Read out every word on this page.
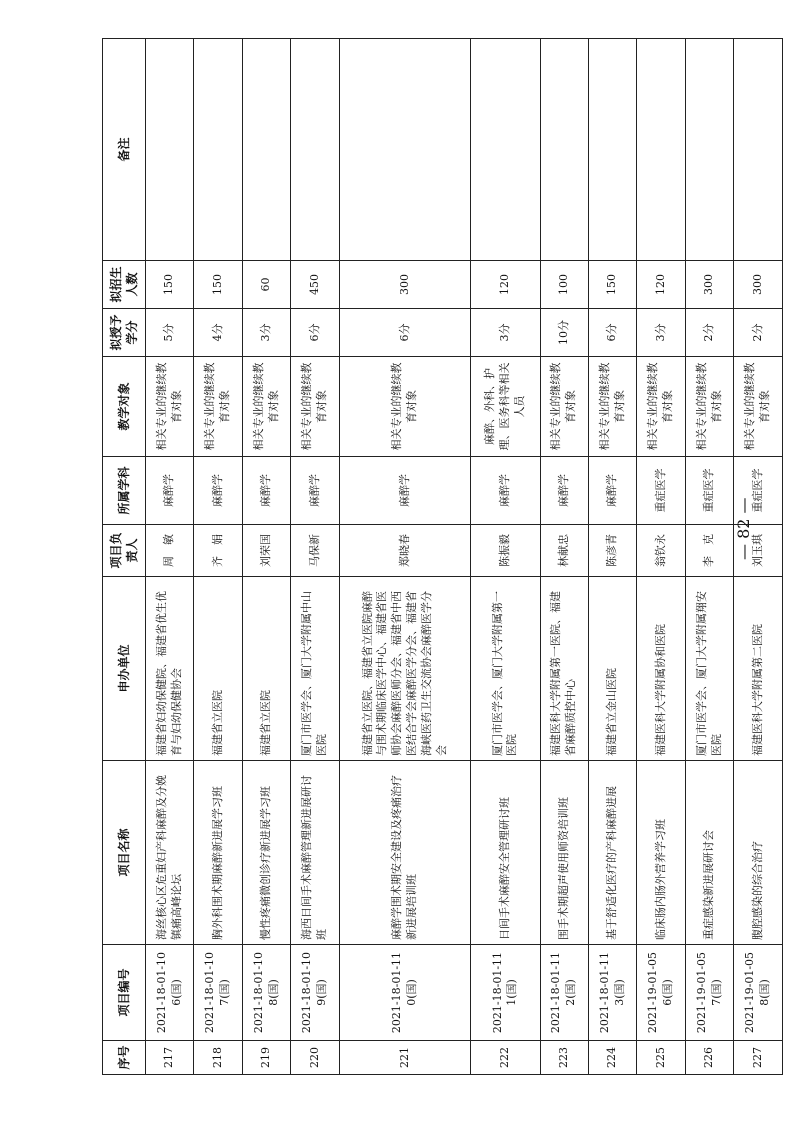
序号	项目编号	项目名称	申办单位	项目负责人	所属学科	教学对象	拟授予学分	拟招生人数	备注
217	2021-18-01-106(国)	海丝核心区危重妇产科麻醉及分娩镇痛高峰论坛	福建省妇幼保健院、福建省优生优育与妇幼保健协会	周　敏	麻醉学	相关专业的继续教育对象	5分	150	
218	2021-18-01-107(国)	胸外科围术期麻醉新进展学习班	福建省立医院	齐　娟	麻醉学	相关专业的继续教育对象	4分	150	
219	2021-18-01-108(国)	慢性疼痛微创诊疗新进展学习班	福建省立医院	刘荣国	麻醉学	相关专业的继续教育对象	3分	60	
220	2021-18-01-109(国)	海西日间手术麻醉管理新进展研讨班	厦门市医学会、厦门大学附属中山医院	马保新	麻醉学	相关专业的继续教育对象	6分	450	
221	2021-18-01-110(国)	麻醉学围术期安全建设及疼痛治疗新进展培训班	福建省立医院、福建省立医院麻醉与围术期临床医学中心、福建省医师协会麻醉医师分会、福建省中西医结合学会麻醉医学分会、福建省海峡医药卫生交流协会麻醉医学分会	郑晓春	麻醉学	相关专业的继续教育对象	6分	300	
222	2021-18-01-111(国)	日间手术麻醉安全管理研讨班	厦门市医学会、厦门大学附属第一医院	陈振毅	麻醉学	麻醉、外科、护理、医务科等相关人员	3分	120	
223	2021-18-01-112(国)	围手术期超声使用师资培训班	福建医科大学附属第一医院、福建省麻醉质控中心	林献忠	麻醉学	相关专业的继续教育对象	10分	100	
224	2021-18-01-113(国)	基于舒适化医疗的产科麻醉进展	福建省立金山医院	陈彦青	麻醉学	相关专业的继续教育对象	6分	150	
225	2021-19-01-056(国)	临床肠内肠外营养学习班	福建医科大学附属协和医院	翁钦永	重症医学	相关专业的继续教育对象	3分	120	
226	2021-19-01-057(国)	重症感染新进展研讨会	厦门市医学会、厦门大学附属翔安医院	李　克	重症医学	相关专业的继续教育对象	2分	300	
227	2021-19-01-058(国)	腹腔感染的综合治疗	福建医科大学附属第二医院	刘玉琪	重症医学	相关专业的继续教育对象	2分	300	
— 82 —
